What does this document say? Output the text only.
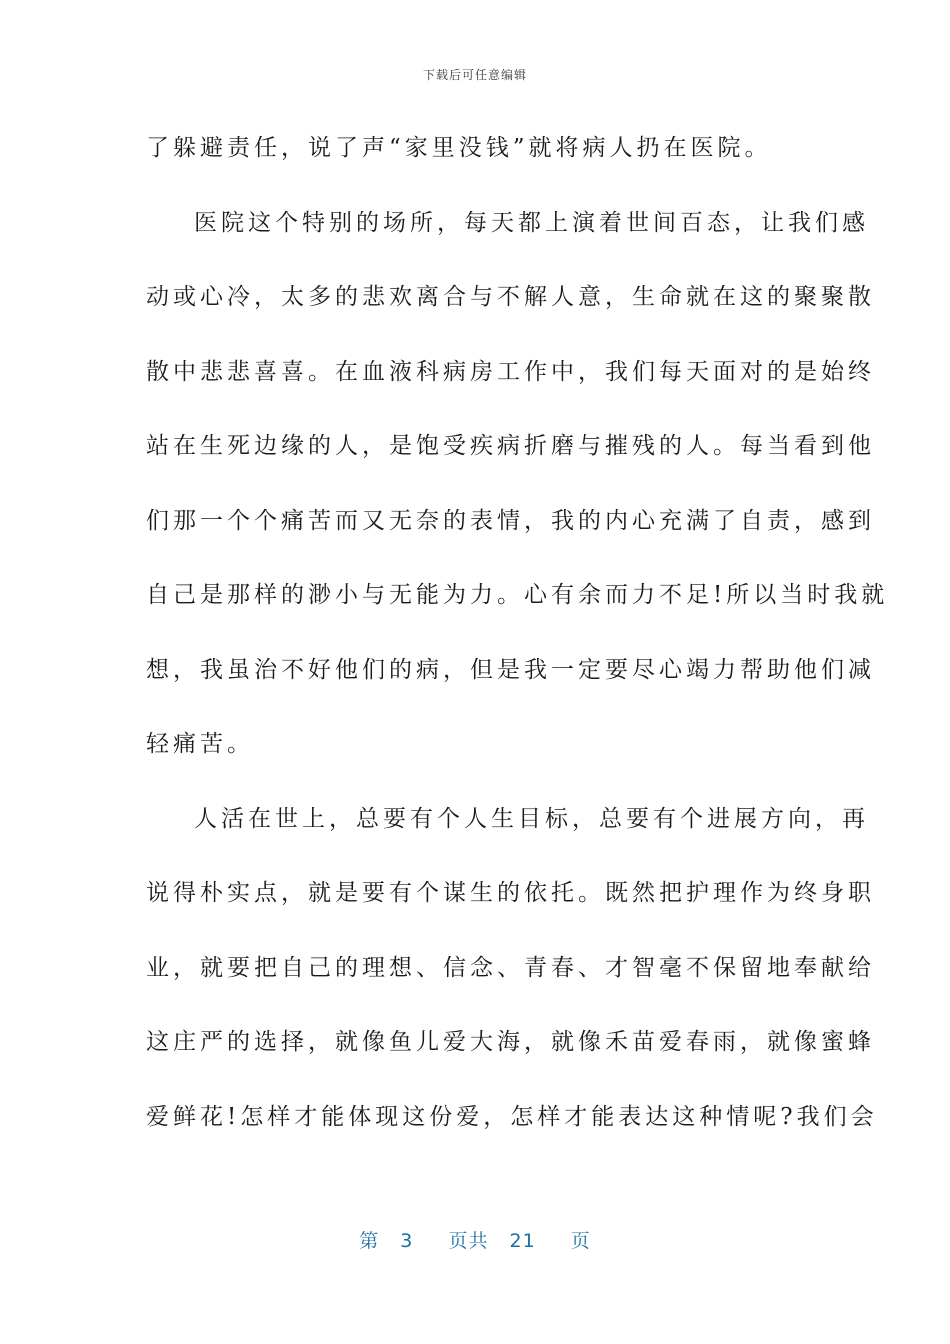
下载后可任意编辑
了躲避责任，说了声“家里没钱”就将病人扔在医院。
医院这个特别的场所，每天都上演着世间百态，让我们感
动或心冷，太多的悲欢离合与不解人意，生命就在这的聚聚散
散中悲悲喜喜。在血液科病房工作中，我们每天面对的是始终
站在生死边缘的人，是饱受疾病折磨与摧残的人。每当看到他
们那一个个痛苦而又无奈的表情，我的内心充满了自责，感到
自己是那样的渺小与无能为力。心有余而力不足!所以当时我就
想，我虽治不好他们的病，但是我一定要尽心竭力帮助他们减
轻痛苦。
人活在世上，总要有个人生目标，总要有个进展方向，再
说得朴实点，就是要有个谋生的依托。既然把护理作为终身职
业，就要把自己的理想、信念、青春、才智毫不保留地奉献给
这庄严的选择，就像鱼儿爱大海，就像禾苗爱春雨，就像蜜蜂
爱鲜花!怎样才能体现这份爱，怎样才能表达这种情呢?我们会
第 3 页共 21 页
